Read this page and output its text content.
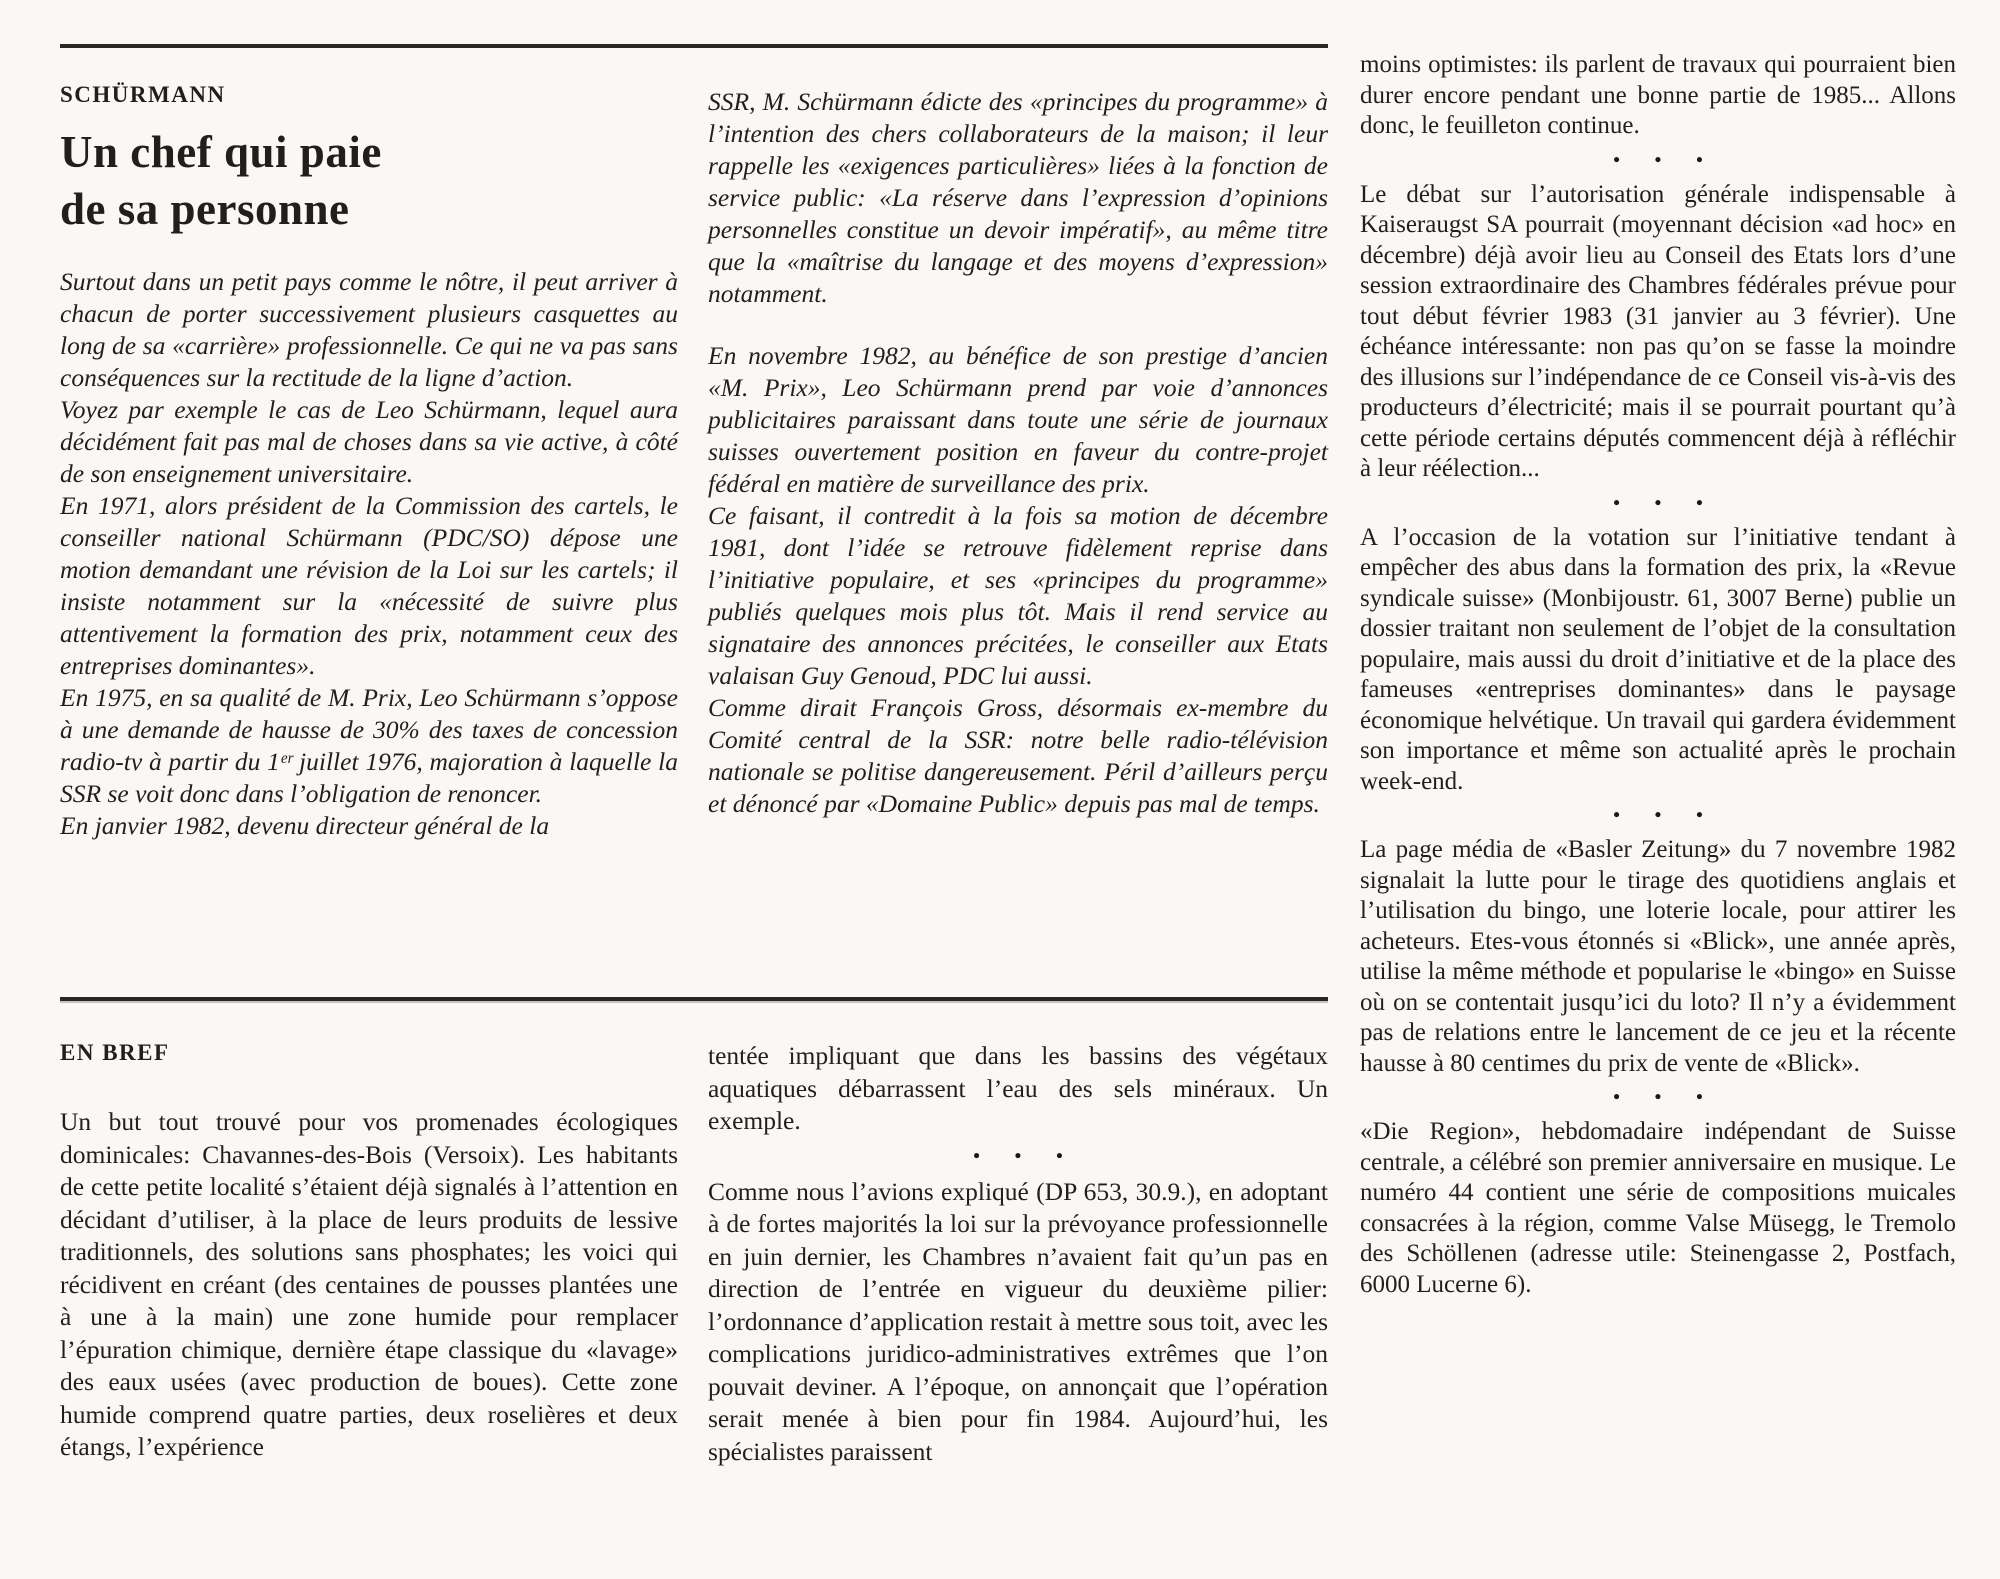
SCHÜRMANN
Un chef qui paie
de sa personne

Surtout dans un petit pays comme le nôtre, il peut arriver à chacun de porter successivement plusieurs casquettes au long de sa «carrière» professionnelle. Ce qui ne va pas sans conséquences sur la rectitude de la ligne d’action.

Voyez par exemple le cas de Leo Schürmann, lequel aura décidément fait pas mal de choses dans sa vie active, à côté de son enseignement universitaire.

En 1971, alors président de la Commission des cartels, le conseiller national Schürmann (PDC/SO) dépose une motion demandant une révision de la Loi sur les cartels; il insiste notamment sur la «nécessité de suivre plus attentivement la formation des prix, notamment ceux des entreprises dominantes».

En 1975, en sa qualité de M. Prix, Leo Schürmann s’oppose à une demande de hausse de 30% des taxes de concession radio-tv à partir du 1ᵉʳ juillet 1976, majoration à laquelle la SSR se voit donc dans l’obligation de renoncer.

En janvier 1982, devenu directeur général de la

SSR, M. Schürmann édicte des «principes du programme» à l’intention des chers collaborateurs de la maison; il leur rappelle les «exigences particulières» liées à la fonction de service public: «La réserve dans l’expression d’opinions personnelles constitue un devoir impératif», au même titre que la «maîtrise du langage et des moyens d’expression» notamment.

En novembre 1982, au bénéfice de son prestige d’ancien «M. Prix», Leo Schürmann prend par voie d’annonces publicitaires paraissant dans toute une série de journaux suisses ouvertement position en faveur du contre-projet fédéral en matière de surveillance des prix.

Ce faisant, il contredit à la fois sa motion de décembre 1981, dont l’idée se retrouve fidèlement reprise dans l’initiative populaire, et ses «principes du programme» publiés quelques mois plus tôt. Mais il rend service au signataire des annonces précitées, le conseiller aux Etats valaisan Guy Genoud, PDC lui aussi.

Comme dirait François Gross, désormais ex-membre du Comité central de la SSR: notre belle radio-télévision nationale se politise dangereusement. Péril d’ailleurs perçu et dénoncé par «Domaine Public» depuis pas mal de temps.

EN BREF

Un but tout trouvé pour vos promenades écologiques dominicales: Chavannes-des-Bois (Versoix). Les habitants de cette petite localité s’étaient déjà signalés à l’attention en décidant d’utiliser, à la place de leurs produits de lessive traditionnels, des solutions sans phosphates; les voici qui récidivent en créant (des centaines de pousses plantées une à une à la main) une zone humide pour remplacer l’épuration chimique, dernière étape classique du «lavage» des eaux usées (avec production de boues). Cette zone humide comprend quatre parties, deux roselières et deux étangs, l’expérience

tentée impliquant que dans les bassins des végétaux aquatiques débarrassent l’eau des sels minéraux. Un exemple.

• • •

Comme nous l’avions expliqué (DP 653, 30.9.), en adoptant à de fortes majorités la loi sur la prévoyance professionnelle en juin dernier, les Chambres n’avaient fait qu’un pas en direction de l’entrée en vigueur du deuxième pilier: l’ordonnance d’application restait à mettre sous toit, avec les complications juridico-administratives extrêmes que l’on pouvait deviner. A l’époque, on annonçait que l’opération serait menée à bien pour fin 1984. Aujourd’hui, les spécialistes paraissent

moins optimistes: ils parlent de travaux qui pourraient bien durer encore pendant une bonne partie de 1985... Allons donc, le feuilleton continue.

• • •

Le débat sur l’autorisation générale indispensable à Kaiseraugst SA pourrait (moyennant décision «ad hoc» en décembre) déjà avoir lieu au Conseil des Etats lors d’une session extraordinaire des Chambres fédérales prévue pour tout début février 1983 (31 janvier au 3 février). Une échéance intéressante: non pas qu’on se fasse la moindre des illusions sur l’indépendance de ce Conseil vis-à-vis des producteurs d’électricité; mais il se pourrait pourtant qu’à cette période certains députés commencent déjà à réfléchir à leur réélection...

• • •

A l’occasion de la votation sur l’initiative tendant à empêcher des abus dans la formation des prix, la «Revue syndicale suisse» (Monbijoustr. 61, 3007 Berne) publie un dossier traitant non seulement de l’objet de la consultation populaire, mais aussi du droit d’initiative et de la place des fameuses «entreprises dominantes» dans le paysage économique helvétique. Un travail qui gardera évidemment son importance et même son actualité après le prochain week-end.

• • •

La page média de «Basler Zeitung» du 7 novembre 1982 signalait la lutte pour le tirage des quotidiens anglais et l’utilisation du bingo, une loterie locale, pour attirer les acheteurs. Etes-vous étonnés si «Blick», une année après, utilise la même méthode et popularise le «bingo» en Suisse où on se contentait jusqu’ici du loto? Il n’y a évidemment pas de relations entre le lancement de ce jeu et la récente hausse à 80 centimes du prix de vente de «Blick».

• • •

«Die Region», hebdomadaire indépendant de Suisse centrale, a célébré son premier anniversaire en musique. Le numéro 44 contient une série de compositions muicales consacrées à la région, comme Valse Müsegg, le Tremolo des Schöllenen (adresse utile: Steinengasse 2, Postfach, 6000 Lucerne 6).
